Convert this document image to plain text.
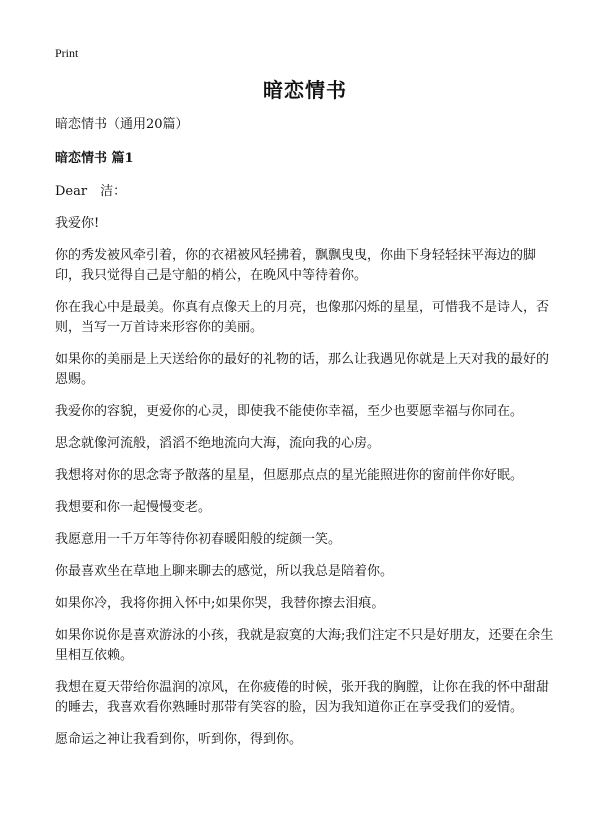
Print
暗恋情书
暗恋情书（通用20篇）
暗恋情书 篇1

Dear　洁：

我爱你!

你的秀发被风牵引着，你的衣裙被风轻拂着，飘飘曳曳，你曲下身轻轻抹平海边的脚印，我只觉得自己是守船的梢公，在晚风中等待着你。

你在我心中是最美。你真有点像天上的月亮，也像那闪烁的星星，可惜我不是诗人，否则，当写一万首诗来形容你的美丽。

如果你的美丽是上天送给你的最好的礼物的话，那么让我遇见你就是上天对我的最好的恩赐。

我爱你的容貌，更爱你的心灵，即使我不能使你幸福，至少也要愿幸福与你同在。

思念就像河流般，滔滔不绝地流向大海，流向我的心房。

我想将对你的思念寄予散落的星星，但愿那点点的星光能照进你的窗前伴你好眠。

我想要和你一起慢慢变老。

我愿意用一千万年等待你初春暖阳般的绽颜一笑。

你最喜欢坐在草地上聊来聊去的感觉，所以我总是陪着你。

如果你冷，我将你拥入怀中;如果你哭，我替你擦去泪痕。

如果你说你是喜欢游泳的小孩，我就是寂寞的大海;我们注定不只是好朋友，还要在余生里相互依赖。

我想在夏天带给你温润的凉风，在你疲倦的时候，张开我的胸膛，让你在我的怀中甜甜的睡去，我喜欢看你熟睡时那带有笑容的脸，因为我知道你正在享受我们的爱情。

愿命运之神让我看到你，听到你，得到你。
